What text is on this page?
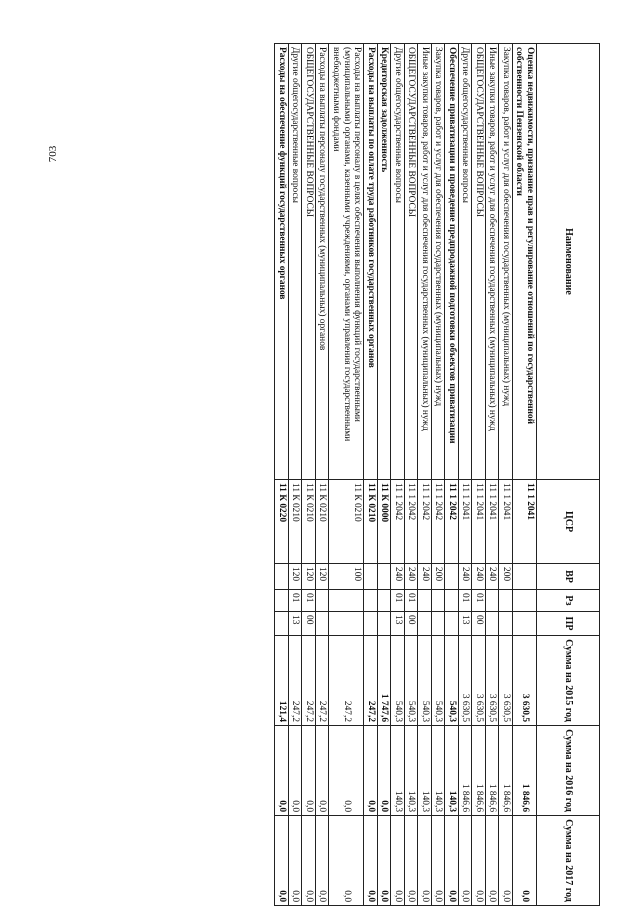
703
Наименование	ЦСР	ВР	Рз	ПР	Сумма на 2015 год	Сумма на 2016 год	Сумма на 2017 год
Оценка недвижимости, признание прав и регулирование отношений по государственной собственности Пензенской области	11 1 2041				3 630,5	1 846,6	0,0
Закупка товаров, работ и услуг для обеспечения государственных (муниципальных) нужд	11 1 2041	200			3 630,5	1 846,6	0,0
Иные закупки товаров, работ и услуг для обеспечения государственных (муниципальных) нужд	11 1 2041	240			3 630,5	1 846,6	0,0
ОБЩЕГОСУДАРСТВЕННЫЕ ВОПРОСЫ	11 1 2041	240	01	00	3 630,5	1 846,6	0,0
Другие общегосударственные вопросы	11 1 2041	240	01	13	3 630,5	1 846,6	0,0
Обеспечение приватизации и проведение предпродажной подготовки объектов приватизации	11 1 2042				540,3	140,3	0,0
Закупка товаров, работ и услуг для обеспечения государственных (муниципальных) нужд	11 1 2042	200			540,3	140,3	0,0
Иные закупки товаров, работ и услуг для обеспечения государственных (муниципальных) нужд	11 1 2042	240			540,3	140,3	0,0
ОБЩЕГОСУДАРСТВЕННЫЕ ВОПРОСЫ	11 1 2042	240	01	00	540,3	140,3	0,0
Другие общегосударственные вопросы	11 1 2042	240	01	13	540,3	140,3	0,0
Кредиторская задолженность	11 К 0000				1 747,6	0,0	0,0
Расходы на выплаты по оплате труда работников государственных органов	11 К 0210				247,2	0,0	0,0
Расходы на выплаты персоналу в целях обеспечения выполнения функций государственными (муниципальными) органами, казенными учреждениями, органами управления государственными внебюджетными фондами	11 К 0210	100			247,2	0,0	0,0
Расходы на выплаты персоналу государственных (муниципальных) органов	11 К 0210	120			247,2	0,0	0,0
ОБЩЕГОСУДАРСТВЕННЫЕ ВОПРОСЫ	11 К 0210	120	01	00	247,2	0,0	0,0
Другие общегосударственные вопросы	11 К 0210	120	01	13	247,2	0,0	0,0
Расходы на обеспечение функций государственных органов	11 К 0220				121,4	0,0	0,0
